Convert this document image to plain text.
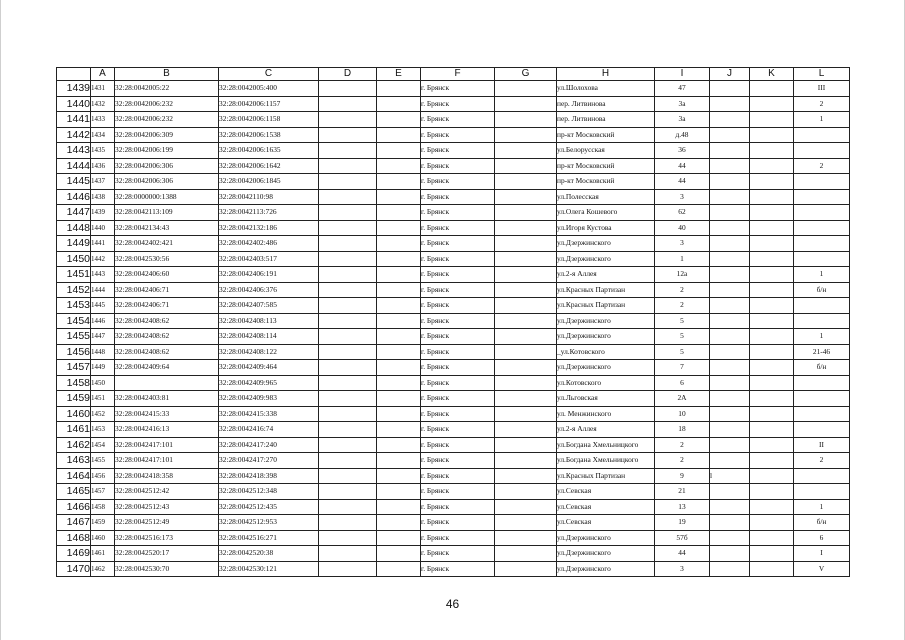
	A	B	C	D	E	F	G	H	I	J	K	L
1439	1431	32:28:0042005:22	32:28:0042005:400			г. Брянск		ул.Шолохова	47			III
1440	1432	32:28:0042006:232	32:28:0042006:1157			г. Брянск		пер. Литвинова	3а			2
1441	1433	32:28:0042006:232	32:28:0042006:1158			г. Брянск		пер. Литвинова	3а			1
1442	1434	32:28:0042006:309	32:28:0042006:1538			г. Брянск		пр-кт Московский	д.48			
1443	1435	32:28:0042006:199	32:28:0042006:1635			г. Брянск		ул.Белорусская	36			
1444	1436	32:28:0042006:306	32:28:0042006:1642			г. Брянск		пр-кт Московский	44			2
1445	1437	32:28:0042006:306	32:28:0042006:1845			г. Брянск		пр-кт Московский	44			
1446	1438	32:28:0000000:1388	32:28:0042110:98			г. Брянск		ул.Полесская	3			
1447	1439	32:28:0042113:109	32:28:0042113:726			г. Брянск		ул.Олега Кошевого	62			
1448	1440	32:28:0042134:43	32:28:0042132:186			г. Брянск		ул.Игоря Кустова	40			
1449	1441	32:28:0042402:421	32:28:0042402:486			г. Брянск		ул.Дзержинского	3			
1450	1442	32:28:0042530:56	32:28:0042403:517			г. Брянск		ул.Дзержинского	1			
1451	1443	32:28:0042406:60	32:28:0042406:191			г. Брянск		ул.2-я Аллея	12а			1
1452	1444	32:28:0042406:71	32:28:0042406:376			г. Брянск		ул.Красных Партизан	2			б/н
1453	1445	32:28:0042406:71	32:28:0042407:585			г. Брянск		ул.Красных Партизан	2			
1454	1446	32:28:0042408:62	32:28:0042408:113			г. Брянск		ул.Дзержинского	5			
1455	1447	32:28:0042408:62	32:28:0042408:114			г. Брянск		ул.Дзержинского	5			1
1456	1448	32:28:0042408:62	32:28:0042408:122			г. Брянск		_ул.Котовского	5			21-46
1457	1449	32:28:0042409:64	32:28:0042409:464			г. Брянск		ул.Дзержинского	7			б/н
1458	1450		32:28:0042409:965			г. Брянск		ул.Котовского	6			
1459	1451	32:28:0042403:81	32:28:0042409:983			г. Брянск		ул.Льговская	2А			
1460	1452	32:28:0042415:33	32:28:0042415:338			г. Брянск		ул. Менжинского	10			
1461	1453	32:28:0042416:13	32:28:0042416:74			г. Брянск		ул.2-я Аллея	18			
1462	1454	32:28:0042417:101	32:28:0042417:240			г. Брянск		ул.Богдана Хмельницкого	2			II
1463	1455	32:28:0042417:101	32:28:0042417:270			г. Брянск		ул.Богдана Хмельницкого	2			2
1464	1456	32:28:0042418:358	32:28:0042418:398			г. Брянск		ул.Красных Партизан	9	l		
1465	1457	32:28:0042512:42	32:28:0042512:348			г. Брянск		ул.Севская	21			
1466	1458	32:28:0042512:43	32:28:0042512:435			г. Брянск		ул.Севская	13			1
1467	1459	32:28:0042512:49	32:28:0042512:953			г. Брянск		ул.Севская	19			б/н
1468	1460	32:28:0042516:173	32:28:0042516:271			г. Брянск		ул.Дзержинского	57б			6
1469	1461	32:28:0042520:17	32:28:0042520:38			г. Брянск		ул.Дзержинского	44			I
1470	1462	32:28:0042530:70	32:28:0042530:121			г. Брянск		ул.Дзержинского	3			V
46
